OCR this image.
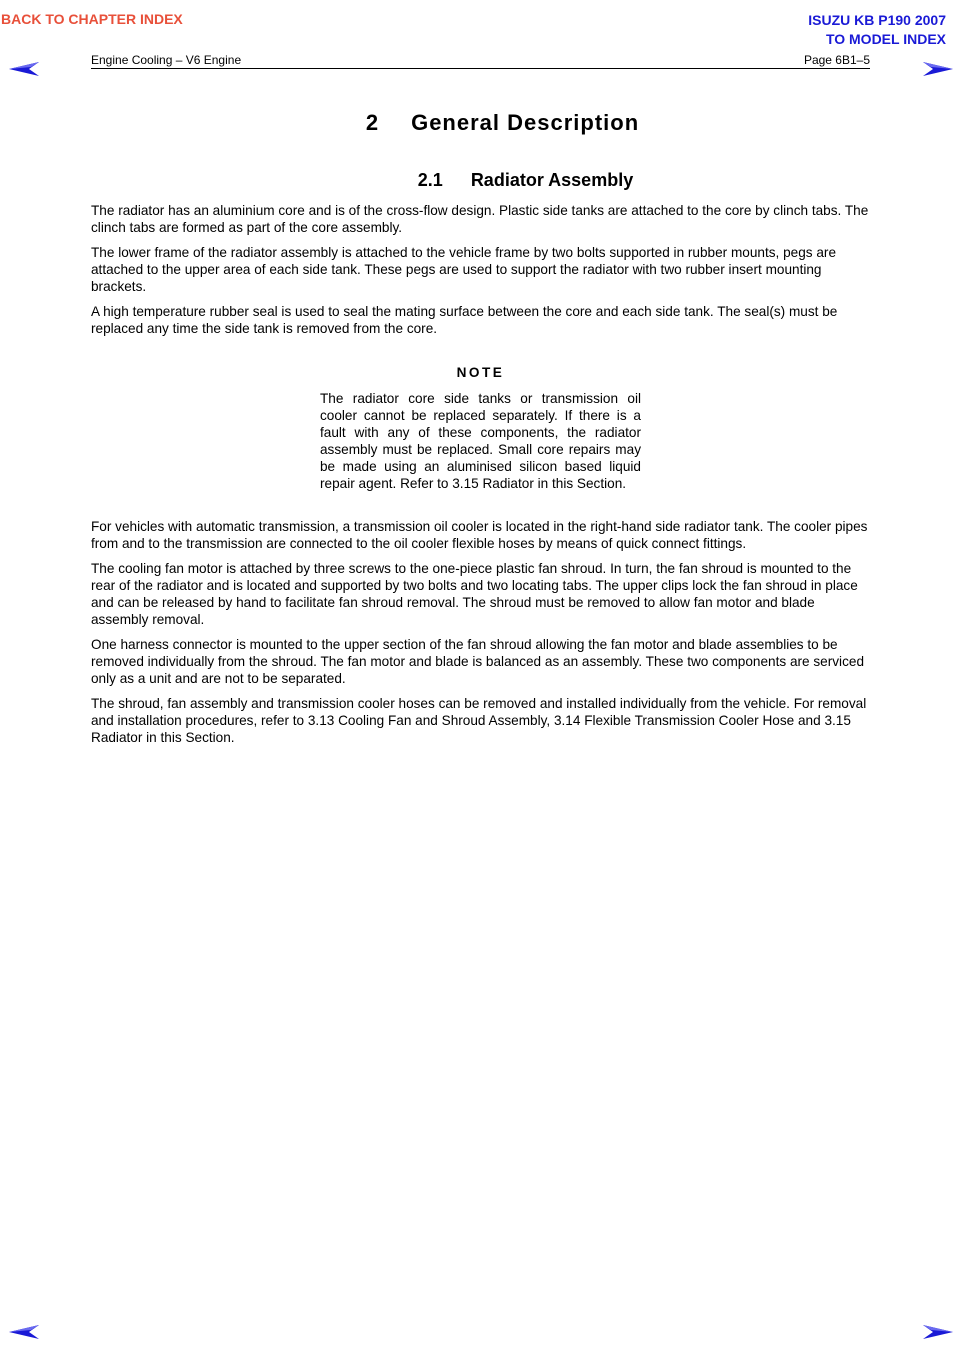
BACK TO CHAPTER INDEX	ISUZU KB P190 2007
TO MODEL INDEX
Engine Cooling – V6 Engine	Page 6B1–5
2 General Description
2.1 Radiator Assembly

The radiator has an aluminium core and is of the cross-flow design. Plastic side tanks are attached to the core by clinch tabs. The clinch tabs are formed as part of the core assembly.

The lower frame of the radiator assembly is attached to the vehicle frame by two bolts supported in rubber mounts, pegs are attached to the upper area of each side tank. These pegs are used to support the radiator with two rubber insert mounting brackets.

A high temperature rubber seal is used to seal the mating surface between the core and each side tank. The seal(s) must be replaced any time the side tank is removed from the core.

NOTE
The radiator core side tanks or transmission oil cooler cannot be replaced separately. If there is a fault with any of these components, the radiator assembly must be replaced. Small core repairs may be made using an aluminised silicon based liquid repair agent. Refer to 3.15 Radiator in this Section.

For vehicles with automatic transmission, a transmission oil cooler is located in the right-hand side radiator tank. The cooler pipes from and to the transmission are connected to the oil cooler flexible hoses by means of quick connect fittings.

The cooling fan motor is attached by three screws to the one-piece plastic fan shroud. In turn, the fan shroud is mounted to the rear of the radiator and is located and supported by two bolts and two locating tabs. The upper clips lock the fan shroud in place and can be released by hand to facilitate fan shroud removal. The shroud must be removed to allow fan motor and blade assembly removal.

One harness connector is mounted to the upper section of the fan shroud allowing the fan motor and blade assemblies to be removed individually from the shroud. The fan motor and blade is balanced as an assembly. These two components are serviced only as a unit and are not to be separated.

The shroud, fan assembly and transmission cooler hoses can be removed and installed individually from the vehicle. For removal and installation procedures, refer to 3.13 Cooling Fan and Shroud Assembly, 3.14 Flexible Transmission Cooler Hose and 3.15 Radiator in this Section.
